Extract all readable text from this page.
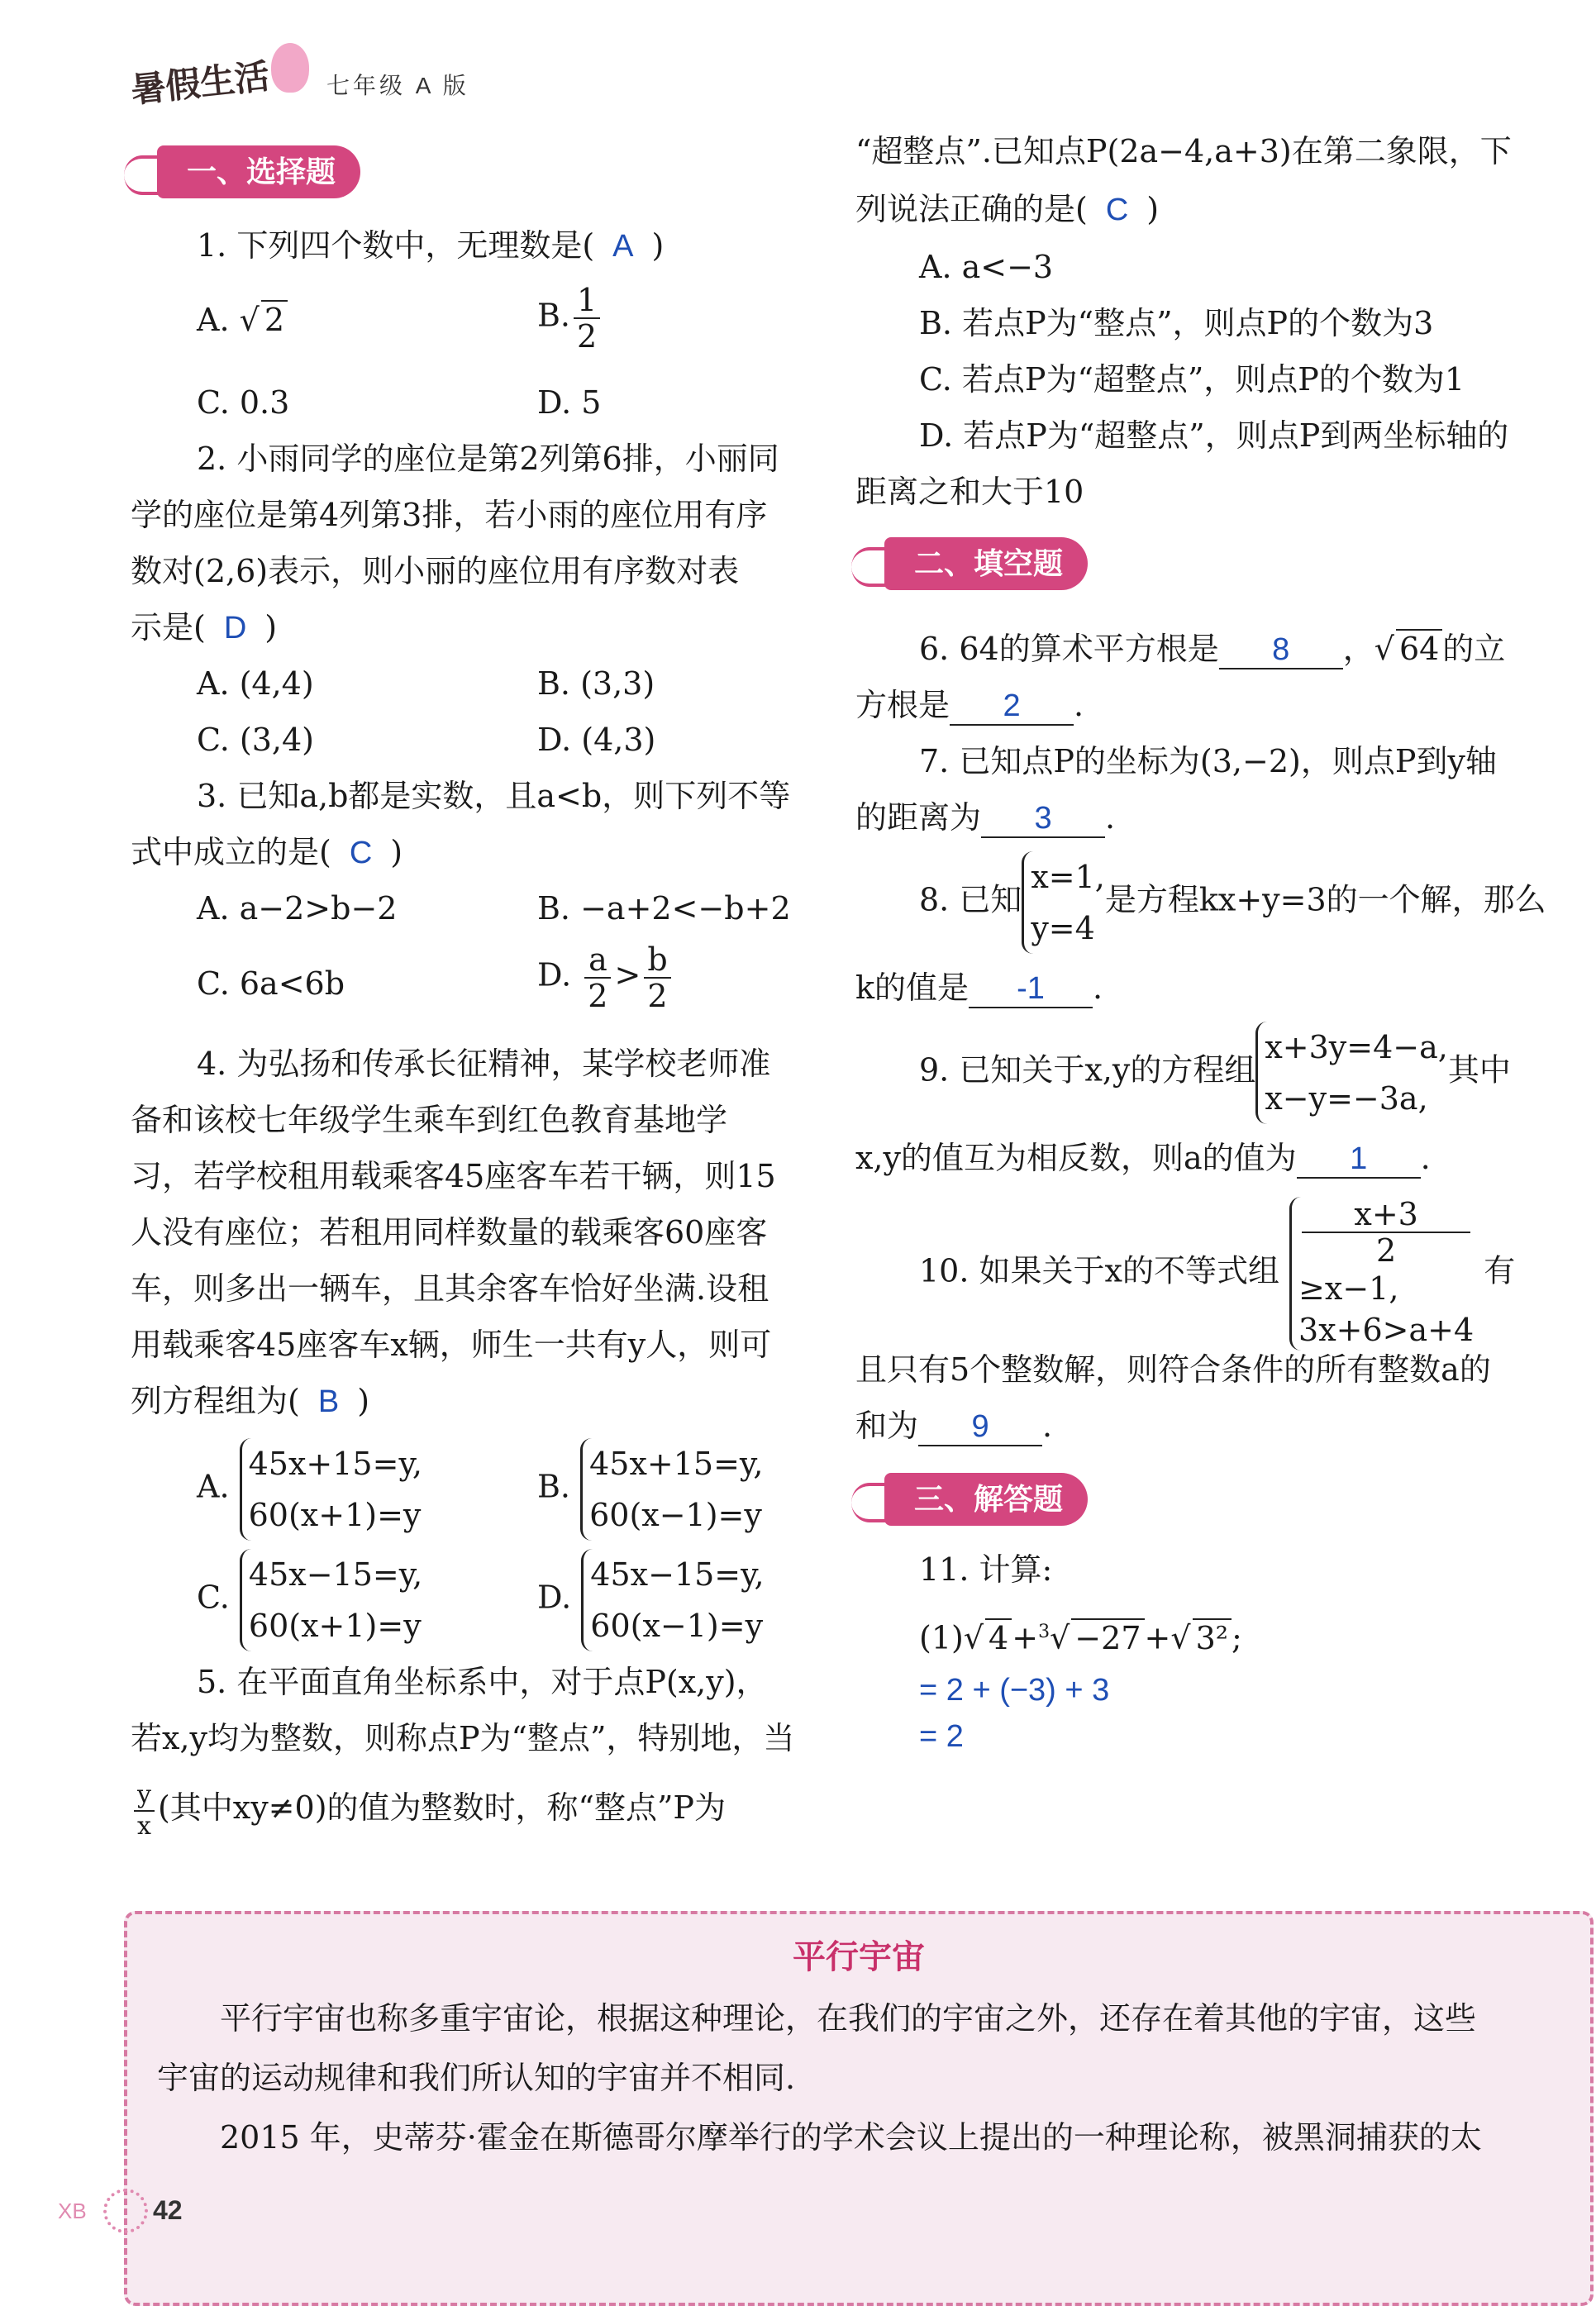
暑假生活 七年级 A 版
一、选择题
1. 下列四个数中，无理数是( A )
A. √ 2	B. $\frac{1}{2}$
C. 0.3	D. 5
2. 小雨同学的座位是第2列第6排，小丽同
学的座位是第4列第3排，若小雨的座位用有序
数对(2,6)表示，则小丽的座位用有序数对表
示是( D )
A. (4,4)	B. (3,3)
C. (3,4)	D. (4,3)
3. 已知a,b都是实数，且a<b，则下列不等
式中成立的是( C )
A. a−2>b−2	B. −a+2<−b+2
C. 6a<6b	D. $\frac{a}{2} > \frac{b}{2}$
4. 为弘扬和传承长征精神，某学校老师准
备和该校七年级学生乘车到红色教育基地学
习，若学校租用载乘客45座客车若干辆，则15
人没有座位；若租用同样数量的载乘客60座客
车，则多出一辆车，且其余客车恰好坐满.设租
用载乘客45座客车x辆，师生一共有y人，则可
列方程组为( B )
A.
45x+15=y,
60(x+1)=y
B.
45x+15=y,
60(x−1)=y
C.
45x−15=y,
60(x+1)=y
D.
45x−15=y,
60(x−1)=y
5. 在平面直角坐标系中，对于点P(x,y)，
若x,y均为整数，则称点P为“整点”，特别地，当
$\frac{y}{x}$ (其中xy≠0)的值为整数时，称“整点”P为
“超整点”.已知点P(2a−4,a+3)在第二象限，下
列说法正确的是( C )
A. a<−3
B. 若点P为“整点”，则点P的个数为3
C. 若点P为“超整点”，则点P的个数为1
D. 若点P为“超整点”，则点P到两坐标轴的
距离之和大于10
二、填空题
6. 64的算术平方根是 8 ，√ 64 的立
方根是 2 .
7. 已知点P的坐标为(3,−2)，则点P到y轴
的距离为 3 .
8. 已知
x=1,
y=4
是方程kx+y=3的一个解，那么
k的值是 -1 .
9. 已知关于x,y的方程组
x+3y=4−a,
x−y=−3a,
其中
x,y的值互为相反数，则a的值为 1 .
10. 如果关于x的不等式组
x+3
2
≥x−1,
3x+6>a+4
有
且只有5个整数解，则符合条件的所有整数a的
和为 9 .
三、解答题
11. 计算:
(1)√ 4 +$^3$√ −27 +√ 3² ;
= 2 + (−3) + 3
= 2
平行宇宙
平行宇宙也称多重宇宙论，根据这种理论，在我们的宇宙之外，还存在着其他的宇宙，这些
宇宙的运动规律和我们所认知的宇宙并不相同.
2015 年，史蒂芬·霍金在斯德哥尔摩举行的学术会议上提出的一种理论称，被黑洞捕获的太
XB	42
